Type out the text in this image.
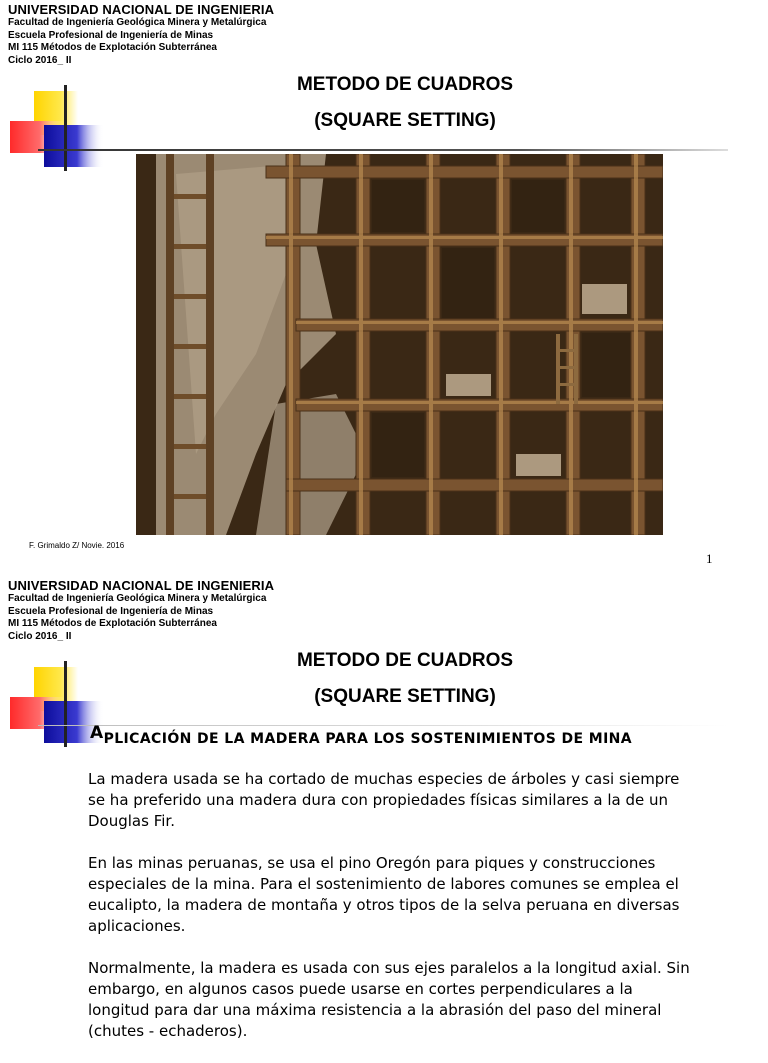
UNIVERSIDAD NACIONAL DE INGENIERIA
Facultad de Ingeniería Geológica Minera y Metalúrgica
Escuela Profesional de Ingeniería de Minas
MI 115 Métodos de Explotación Subterránea
Ciclo 2016_ II
METODO DE CUADROS
(SQUARE SETTING)
F. Grimaldo Z/ Novie. 2016
1
UNIVERSIDAD NACIONAL DE INGENIERIA
Facultad de Ingeniería Geológica Minera y Metalúrgica
Escuela Profesional de Ingeniería de Minas
MI 115 Métodos de Explotación Subterránea
Ciclo 2016_ II
METODO DE CUADROS
(SQUARE SETTING)
APLICACIÓN DE LA MADERA PARA LOS SOSTENIMIENTOS DE MINA

La madera usada se ha cortado de muchas especies de árboles y casi siempre se ha preferido una madera dura con propiedades físicas similares a la de un Douglas Fir.

En las minas peruanas, se usa el pino Oregón para piques y construcciones especiales de la mina. Para el sostenimiento de labores comunes se emplea el eucalipto, la madera de montaña y otros tipos de la selva peruana en diversas aplicaciones.

Normalmente, la madera es usada con sus ejes paralelos a la longitud axial. Sin embargo, en algunos casos puede usarse en cortes perpendiculares a la longitud para dar una máxima resistencia a la abrasión del paso del mineral (chutes - echaderos).
